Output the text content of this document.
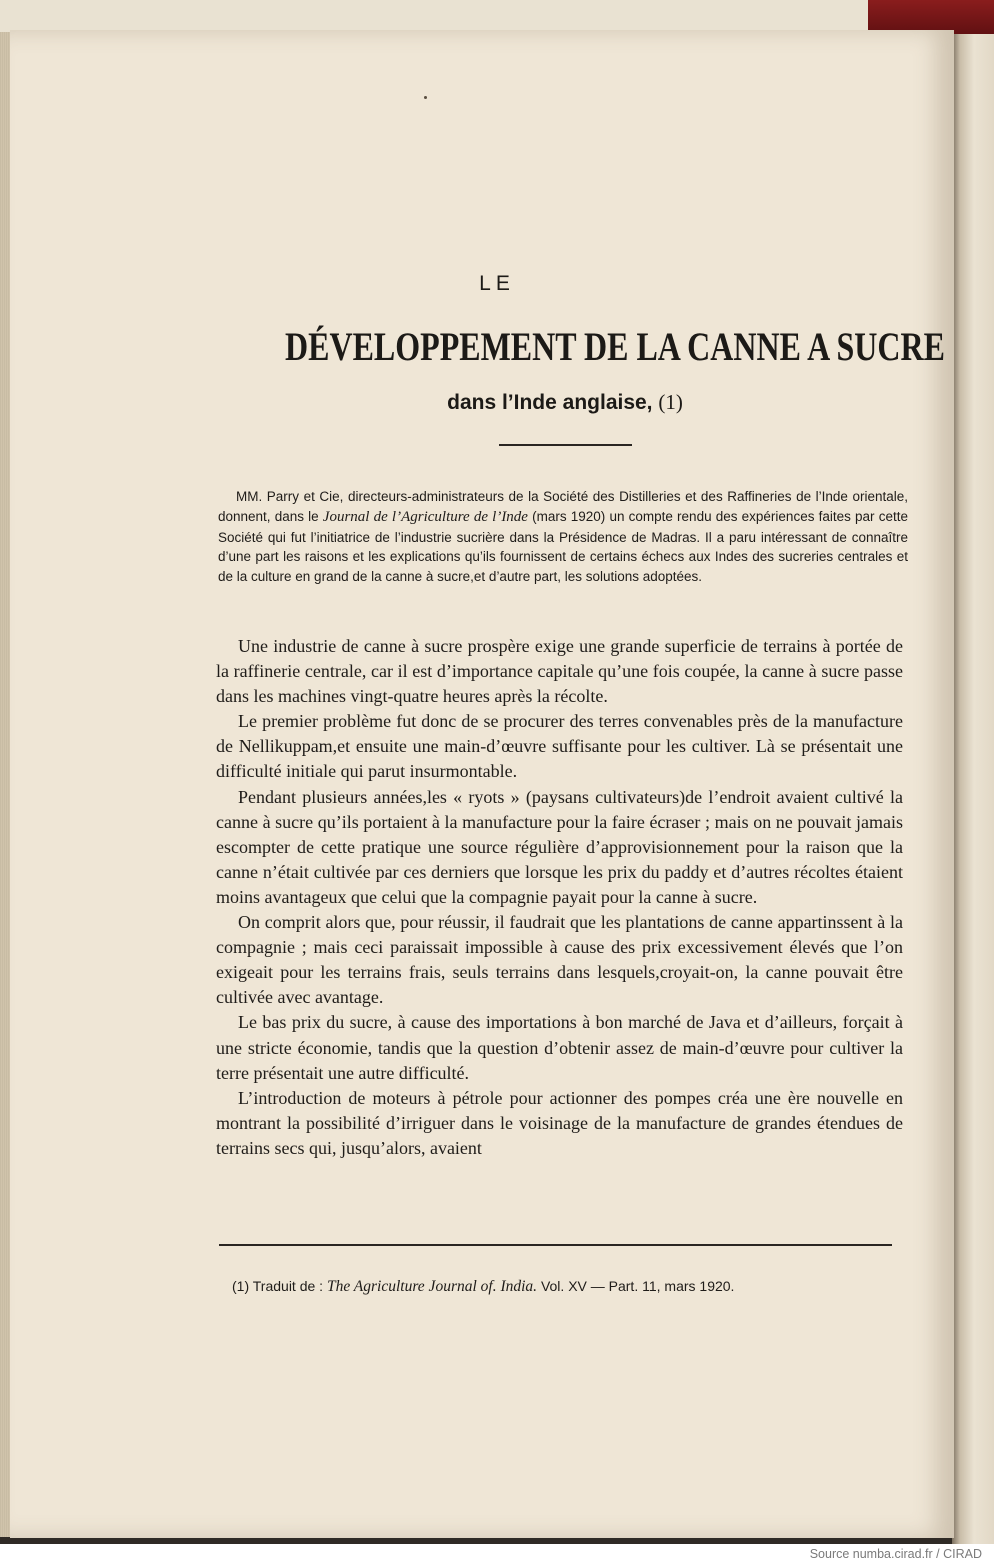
LE
DÉVELOPPEMENT DE LA CANNE A SUCRE
dans l’Inde anglaise, (1)

MM. Parry et Cie, directeurs-administrateurs de la Société des Distilleries et des Raffineries de l’Inde orientale, donnent, dans le Journal de l’Agriculture de l’Inde (mars 1920) un compte rendu des expériences faites par cette Société qui fut l’initiatrice de l’industrie sucrière dans la Présidence de Madras. Il a paru intéressant de connaître d’une part les raisons et les explications qu’ils fournissent de certains échecs aux Indes des sucreries centrales et de la culture en grand de la canne à sucre,et d’autre part, les solutions adoptées.

Une industrie de canne à sucre prospère exige une grande superficie de terrains à portée de la raffinerie centrale, car il est d’importance capitale qu’une fois coupée, la canne à sucre passe dans les machines vingt-quatre heures après la récolte.

Le premier problème fut donc de se procurer des terres convenables près de la manufacture de Nellikuppam,et ensuite une main-d’œuvre suffisante pour les cultiver. Là se présentait une difficulté initiale qui parut insurmontable.

Pendant plusieurs années,les « ryots » (paysans cultivateurs)de l’endroit avaient cultivé la canne à sucre qu’ils portaient à la manufacture pour la faire écraser ; mais on ne pouvait jamais escompter de cette pratique une source régulière d’approvisionnement pour la raison que la canne n’était cultivée par ces derniers que lorsque les prix du paddy et d’autres récoltes étaient moins avantageux que celui que la compagnie payait pour la canne à sucre.

On comprit alors que, pour réussir, il faudrait que les plantations de canne appartinssent à la compagnie ; mais ceci paraissait impossible à cause des prix excessivement élevés que l’on exigeait pour les terrains frais, seuls terrains dans lesquels,croyait-on, la canne pouvait être cultivée avec avantage.

Le bas prix du sucre, à cause des importations à bon marché de Java et d’ailleurs, forçait à une stricte économie, tandis que la question d’obtenir assez de main-d’œuvre pour cultiver la terre présentait une autre difficulté.

L’introduction de moteurs à pétrole pour actionner des pompes créa une ère nouvelle en montrant la possibilité d’irriguer dans le voisinage de la manufacture de grandes étendues de terrains secs qui, jusqu’alors, avaient

(1) Traduit de : The Agriculture Journal of. India. Vol. XV — Part. 11, mars 1920.
Source numba.cirad.fr / CIRAD
